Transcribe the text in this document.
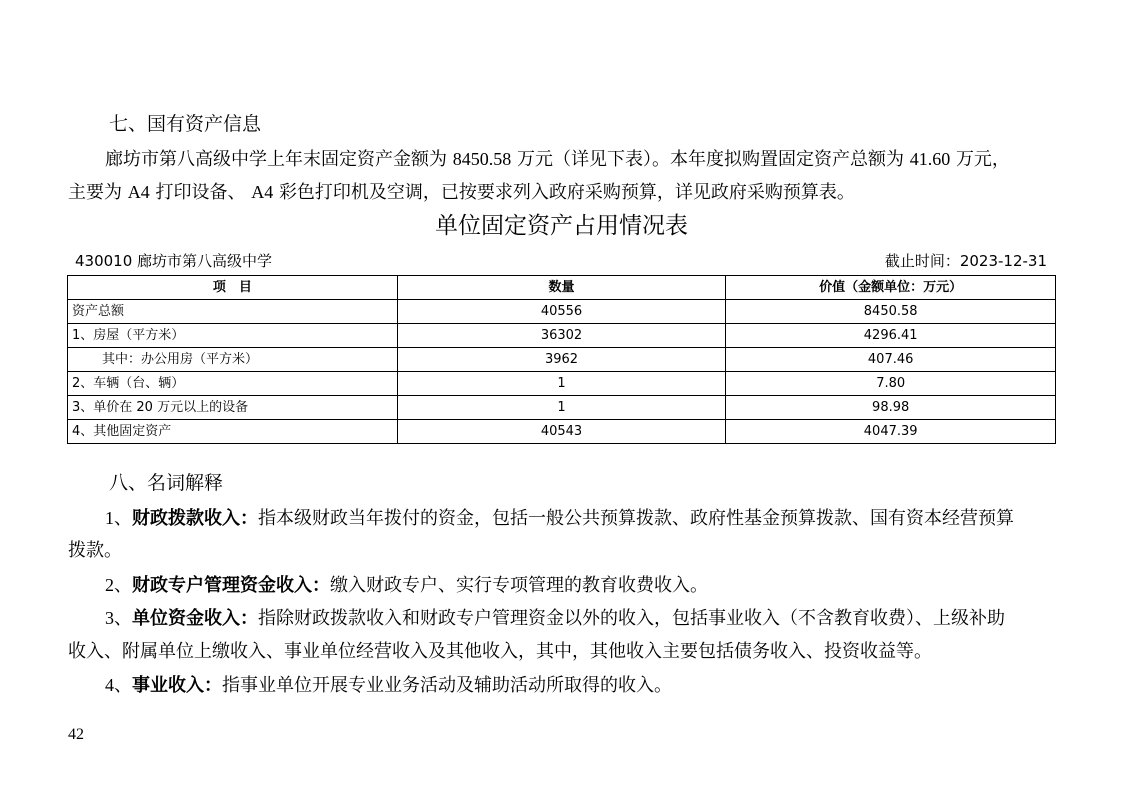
七、国有资产信息
廊坊市第八高级中学上年末固定资产金额为 8450.58 万元（详见下表）。本年度拟购置固定资产总额为 41.60 万元，
主要为 A4 打印设备、 A4 彩色打印机及空调，已按要求列入政府采购预算，详见政府采购预算表。
单位固定资产占用情况表
430010 廊坊市第八高级中学	截止时间：2023-12-31
项　目	数量	价值（金额单位：万元）
资产总额	40556	8450.58
1、房屋（平方米）	36302	4296.41
其中：办公用房（平方米）	3962	407.46
2、车辆（台、辆）	1	7.80
3、单价在 20 万元以上的设备	1	98.98
4、其他固定资产	40543	4047.39
八、名词解释
1、财政拨款收入：指本级财政当年拨付的资金，包括一般公共预算拨款、政府性基金预算拨款、国有资本经营预算
拨款。
2、财政专户管理资金收入：缴入财政专户、实行专项管理的教育收费收入。
3、单位资金收入：指除财政拨款收入和财政专户管理资金以外的收入，包括事业收入（不含教育收费）、上级补助
收入、附属单位上缴收入、事业单位经营收入及其他收入，其中，其他收入主要包括债务收入、投资收益等。
4、事业收入：指事业单位开展专业业务活动及辅助活动所取得的收入。
42
